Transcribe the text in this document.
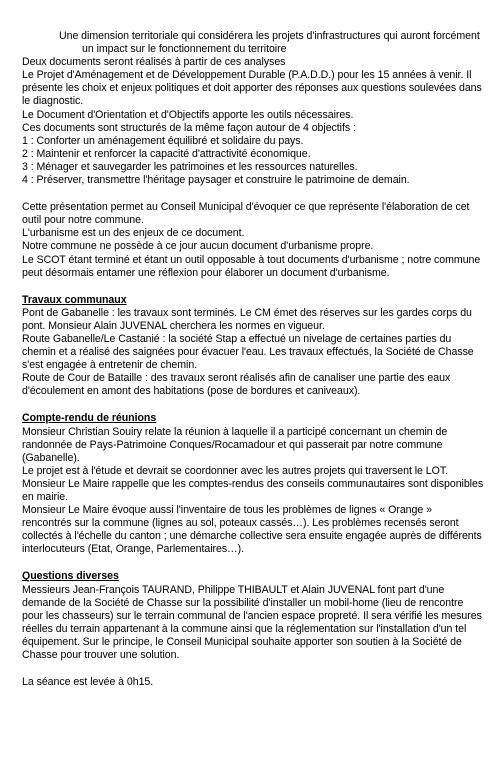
Une dimension territoriale qui considérera les projets d'infrastructures qui auront forcément un impact sur le fonctionnement du territoire

Deux documents seront réalisés à partir de ces analyses

Le Projet d'Aménagement et de Développement Durable (P.A.D.D.) pour les 15 années à venir. Il présente les choix et enjeux politiques et doit apporter des réponses aux questions soulevées dans le diagnostic.

Le Document d'Orientation et d'Objectifs apporte les outils nécessaires.

Ces documents sont structurés de la même façon autour de 4 objectifs :

1 : Conforter un aménagement équilibré et solidaire du pays.

2 : Maintenir et renforcer la capacité d'attractivité économique.

3 : Ménager et sauvegarder les patrimoines et les ressources naturelles.

4 : Préserver, transmettre l'héritage paysager et construire le patrimoine de demain.

Cette présentation permet au Conseil Municipal d'évoquer ce que représente l'élaboration de cet outil pour notre commune.

L'urbanisme est un des enjeux de ce document.

Notre commune ne possède à ce jour aucun document d'urbanisme propre.

Le SCOT étant terminé et étant un outil opposable à tout documents d'urbanisme ; notre commune peut désormais entamer une réflexion pour élaborer un document d'urbanisme.

Travaux communaux

Pont de Gabanelle : les travaux sont terminés. Le CM émet des réserves sur les gardes corps du pont. Monsieur Alain JUVENAL cherchera les normes en vigueur.

Route Gabanelle/Le Castanié : la société Stap a effectué un nivelage de certaines parties du chemin et a réalisé des saignées pour évacuer l'eau. Les travaux effectués, la Société de Chasse s'est engagée à entretenir de chemin.

Route de Cour de Bataille : des travaux seront réalisés afin de canaliser une partie des eaux d'écoulement en amont des habitations (pose de bordures et caniveaux).

Compte-rendu de réunions

Monsieur Christian Souiry relate la réunion à laquelle il a participé concernant un chemin de randonnée de Pays-Patrimoine Conques/Rocamadour et qui passerait par notre commune (Gabanelle).

Le projet est à l'étude et devrait se coordonner avec les autres projets qui traversent le LOT.

Monsieur Le Maire rappelle que les comptes-rendus des conseils communautaires sont disponibles en mairie.

Monsieur Le Maire évoque aussi l'inventaire de tous les problèmes de lignes « Orange » rencontrés sur la commune (lignes au sol, poteaux cassés…). Les problèmes recensés seront collectés à l'échelle du canton ; une démarche collective sera ensuite engagée auprès de différents interlocuteurs (Etat, Orange, Parlementaires…).

Questions diverses

Messieurs Jean-François TAURAND, Philippe THIBAULT et Alain JUVENAL font part d'une demande de la Société de Chasse sur la possibilité d'installer un mobil-home (lieu de rencontre pour les chasseurs) sur le terrain communal de l'ancien espace propreté. Il sera vérifié les mesures réelles du terrain appartenant à la commune ainsi que la réglementation sur l'installation d'un tel équipement. Sur le principe, le Conseil Municipal souhaite apporter son soutien à la Société de Chasse pour trouver une solution.

La séance est levée à 0h15.
